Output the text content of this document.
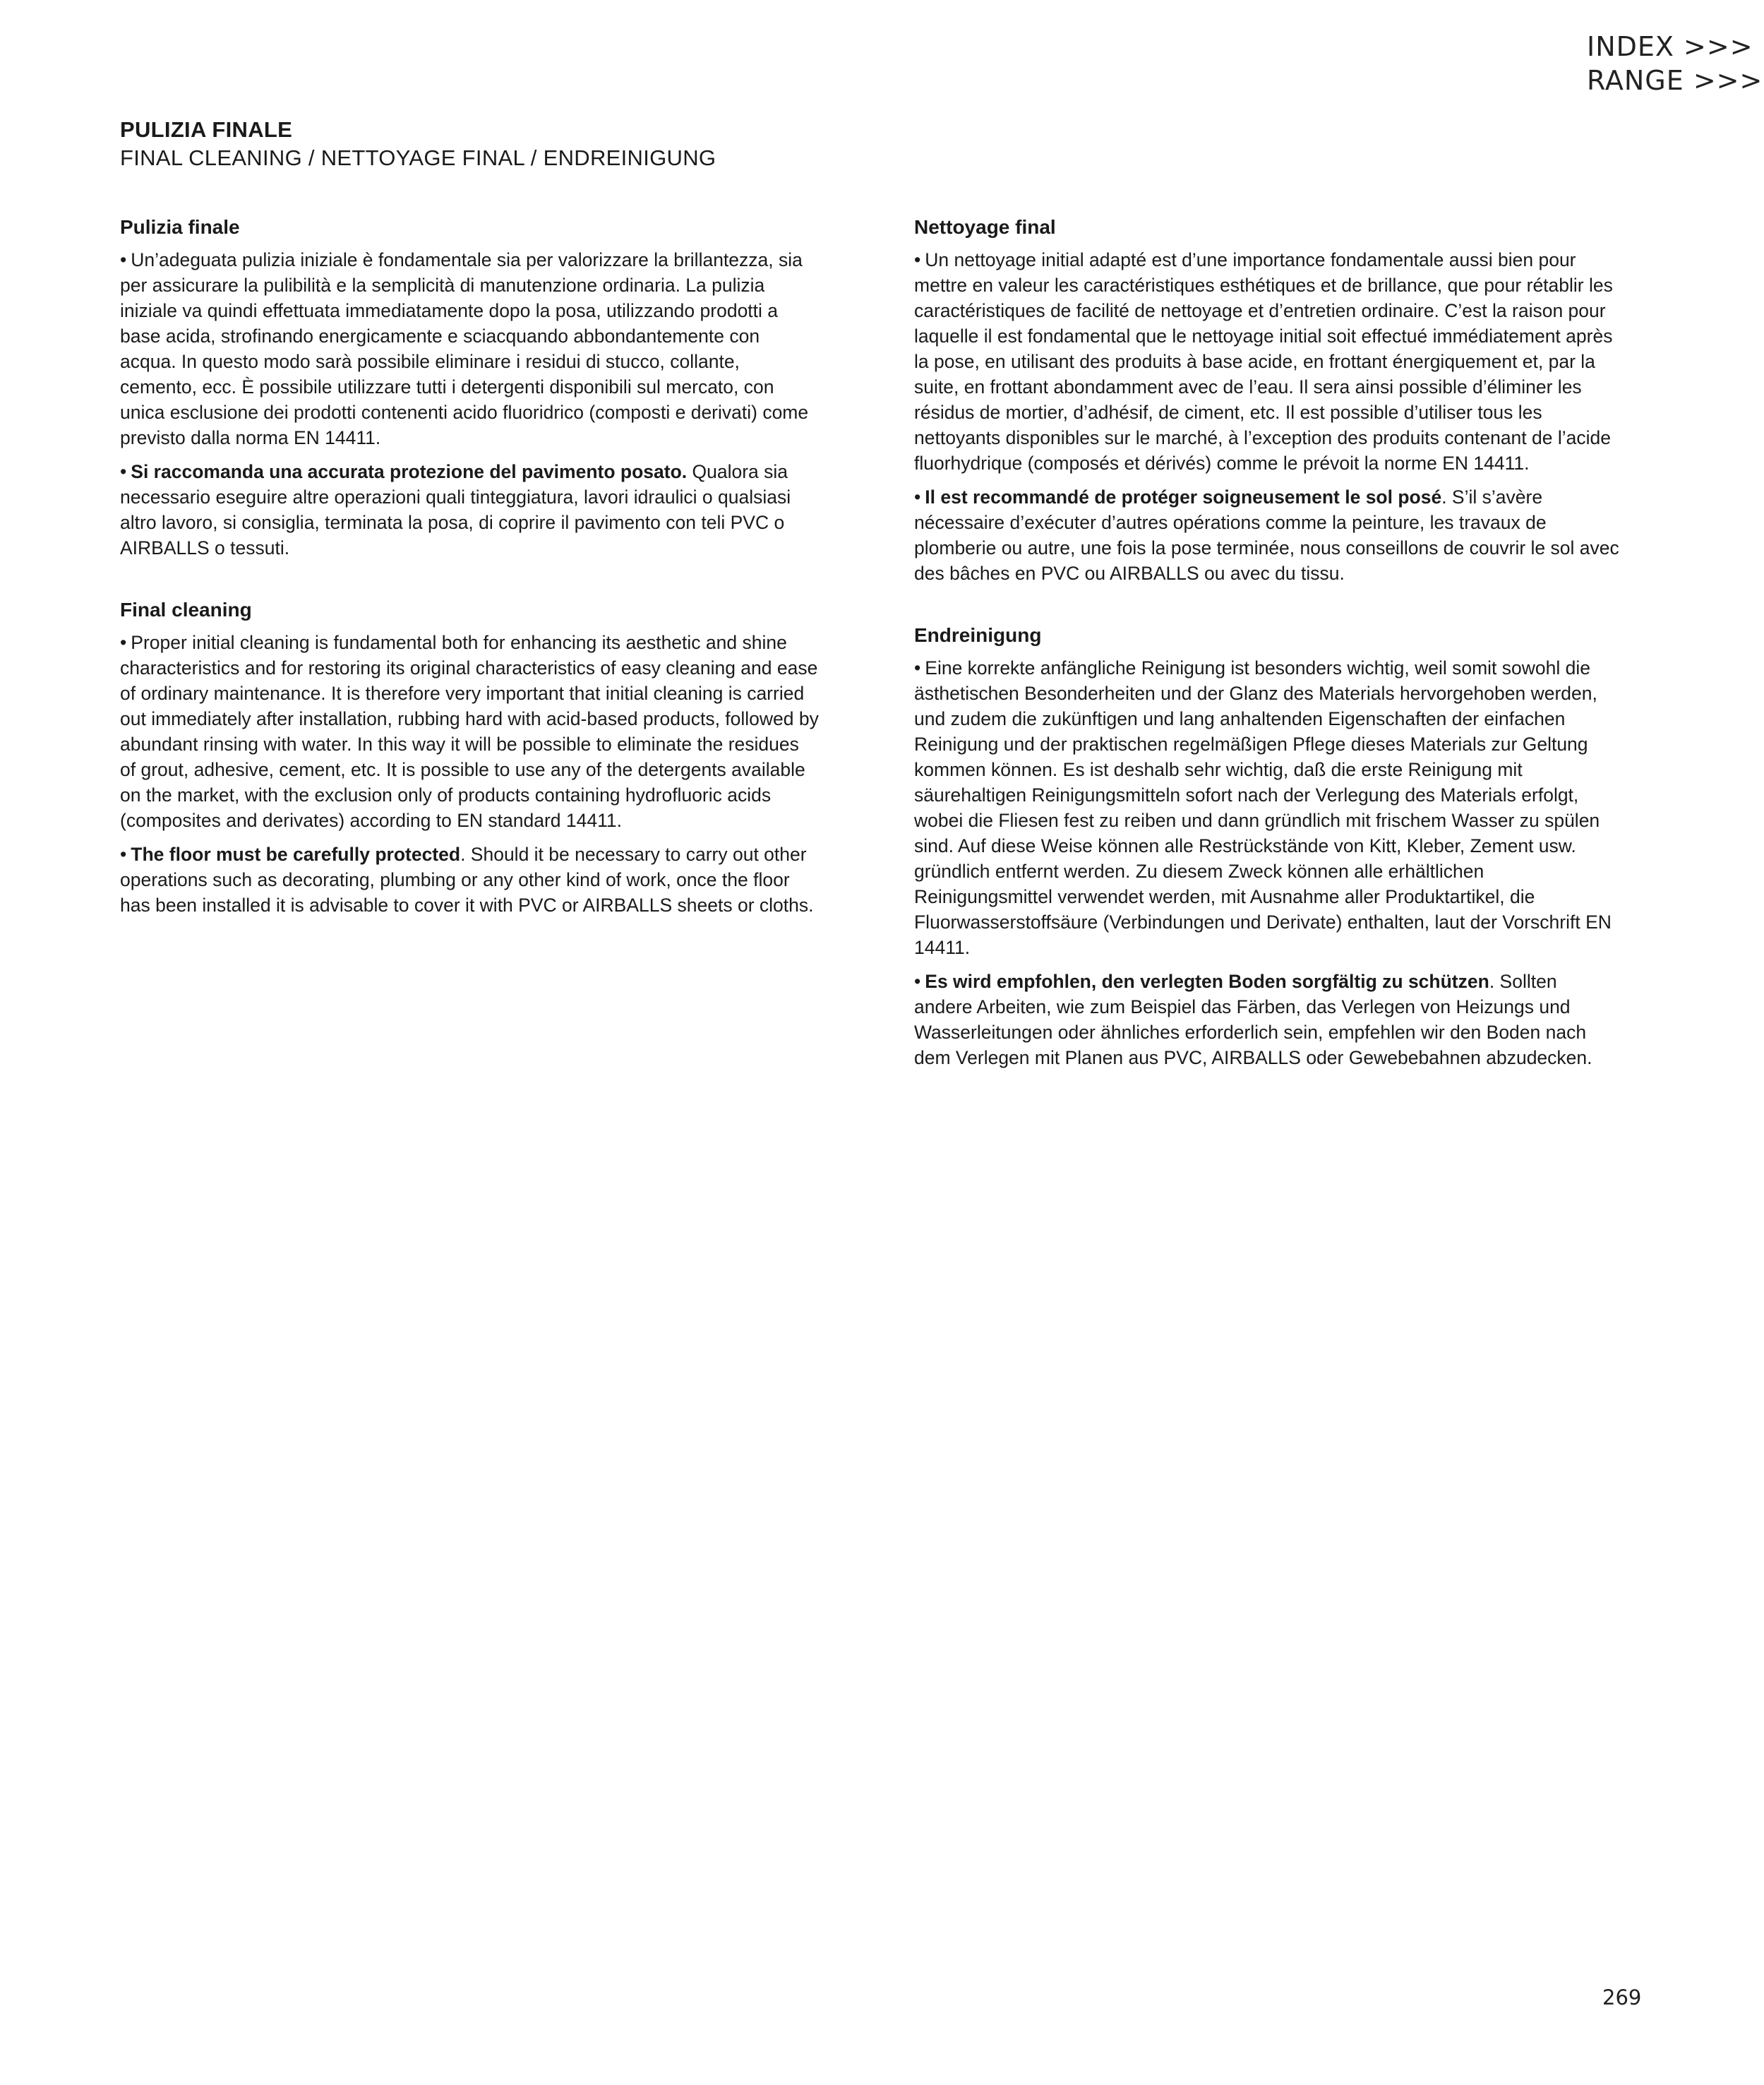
INDEX >>>
RANGE >>>
PULIZIA FINALE
FINAL CLEANING / NETTOYAGE FINAL / ENDREINIGUNG
Pulizia finale

• Un’adeguata pulizia iniziale è fondamentale sia per valorizzare la brillantezza, sia per assicurare la pulibilità e la semplicità di manutenzione ordinaria. La pulizia iniziale va quindi effettuata immediatamente dopo la posa, utilizzando prodotti a base acida, strofinando energicamente e sciacquando abbondantemente con acqua. In questo modo sarà possibile eliminare i residui di stucco, collante, cemento, ecc. È possibile utilizzare tutti i detergenti disponibili sul mercato, con unica esclusione dei prodotti contenenti acido fluoridrico (composti e derivati) come previsto dalla norma EN 14411.

• Si raccomanda una accurata protezione del pavimento posato. Qualora sia necessario eseguire altre operazioni quali tinteggiatura, lavori idraulici o qualsiasi altro lavoro, si consiglia, terminata la posa, di coprire il pavimento con teli PVC o AIRBALLS o tessuti.

Final cleaning

• Proper initial cleaning is fundamental both for enhancing its aesthetic and shine characteristics and for restoring its original characteristics of easy cleaning and ease of ordinary maintenance. It is therefore very important that initial cleaning is carried out immediately after installation, rubbing hard with acid-based products, followed by abundant rinsing with water. In this way it will be possible to eliminate the residues of grout, adhesive, cement, etc. It is possible to use any of the detergents available on the market, with the exclusion only of products containing hydrofluoric acids (composites and derivates) according to EN standard 14411.

• The floor must be carefully protected. Should it be necessary to carry out other operations such as decorating, plumbing or any other kind of work, once the floor has been installed it is advisable to cover it with PVC or AIRBALLS sheets or cloths.

Nettoyage final

• Un nettoyage initial adapté est d’une importance fondamentale aussi bien pour mettre en valeur les caractéristiques esthétiques et de brillance, que pour rétablir les caractéristiques de facilité de nettoyage et d’entretien ordinaire. C’est la raison pour laquelle il est fondamental que le nettoyage initial soit effectué immédiatement après la pose, en utilisant des produits à base acide, en frottant énergiquement et, par la suite, en frottant abondamment avec de l’eau. Il sera ainsi possible d’éliminer les résidus de mortier, d’adhésif, de ciment, etc. Il est possible d’utiliser tous les nettoyants disponibles sur le marché, à l’exception des produits contenant de l’acide fluorhydrique (composés et dérivés) comme le prévoit la norme EN 14411.

• Il est recommandé de protéger soigneusement le sol posé. S’il s’avère nécessaire d’exécuter d’autres opérations comme la peinture, les travaux de plomberie ou autre, une fois la pose terminée, nous conseillons de couvrir le sol avec des bâches en PVC ou AIRBALLS ou avec du tissu.

Endreinigung

• Eine korrekte anfängliche Reinigung ist besonders wichtig, weil somit sowohl die ästhetischen Besonderheiten und der Glanz des Materials hervorgehoben werden, und zudem die zukünftigen und lang anhaltenden Eigenschaften der einfachen Reinigung und der praktischen regelmäßigen Pflege dieses Materials zur Geltung kommen können. Es ist deshalb sehr wichtig, daß die erste Reinigung mit säurehaltigen Reinigungsmitteln sofort nach der Verlegung des Materials erfolgt, wobei die Fliesen fest zu reiben und dann gründlich mit frischem Wasser zu spülen sind. Auf diese Weise können alle Restrückstände von Kitt, Kleber, Zement usw. gründlich entfernt werden. Zu diesem Zweck können alle erhältlichen Reinigungsmittel verwendet werden, mit Ausnahme aller Produktartikel, die Fluorwasserstoffsäure (Verbindungen und Derivate) enthalten, laut der Vorschrift EN 14411.

• Es wird empfohlen, den verlegten Boden sorgfältig zu schützen. Sollten andere Arbeiten, wie zum Beispiel das Färben, das Verlegen von Heizungs und Wasserleitungen oder ähnliches erforderlich sein, empfehlen wir den Boden nach dem Verlegen mit Planen aus PVC, AIRBALLS oder Gewebebahnen abzudecken.

269
